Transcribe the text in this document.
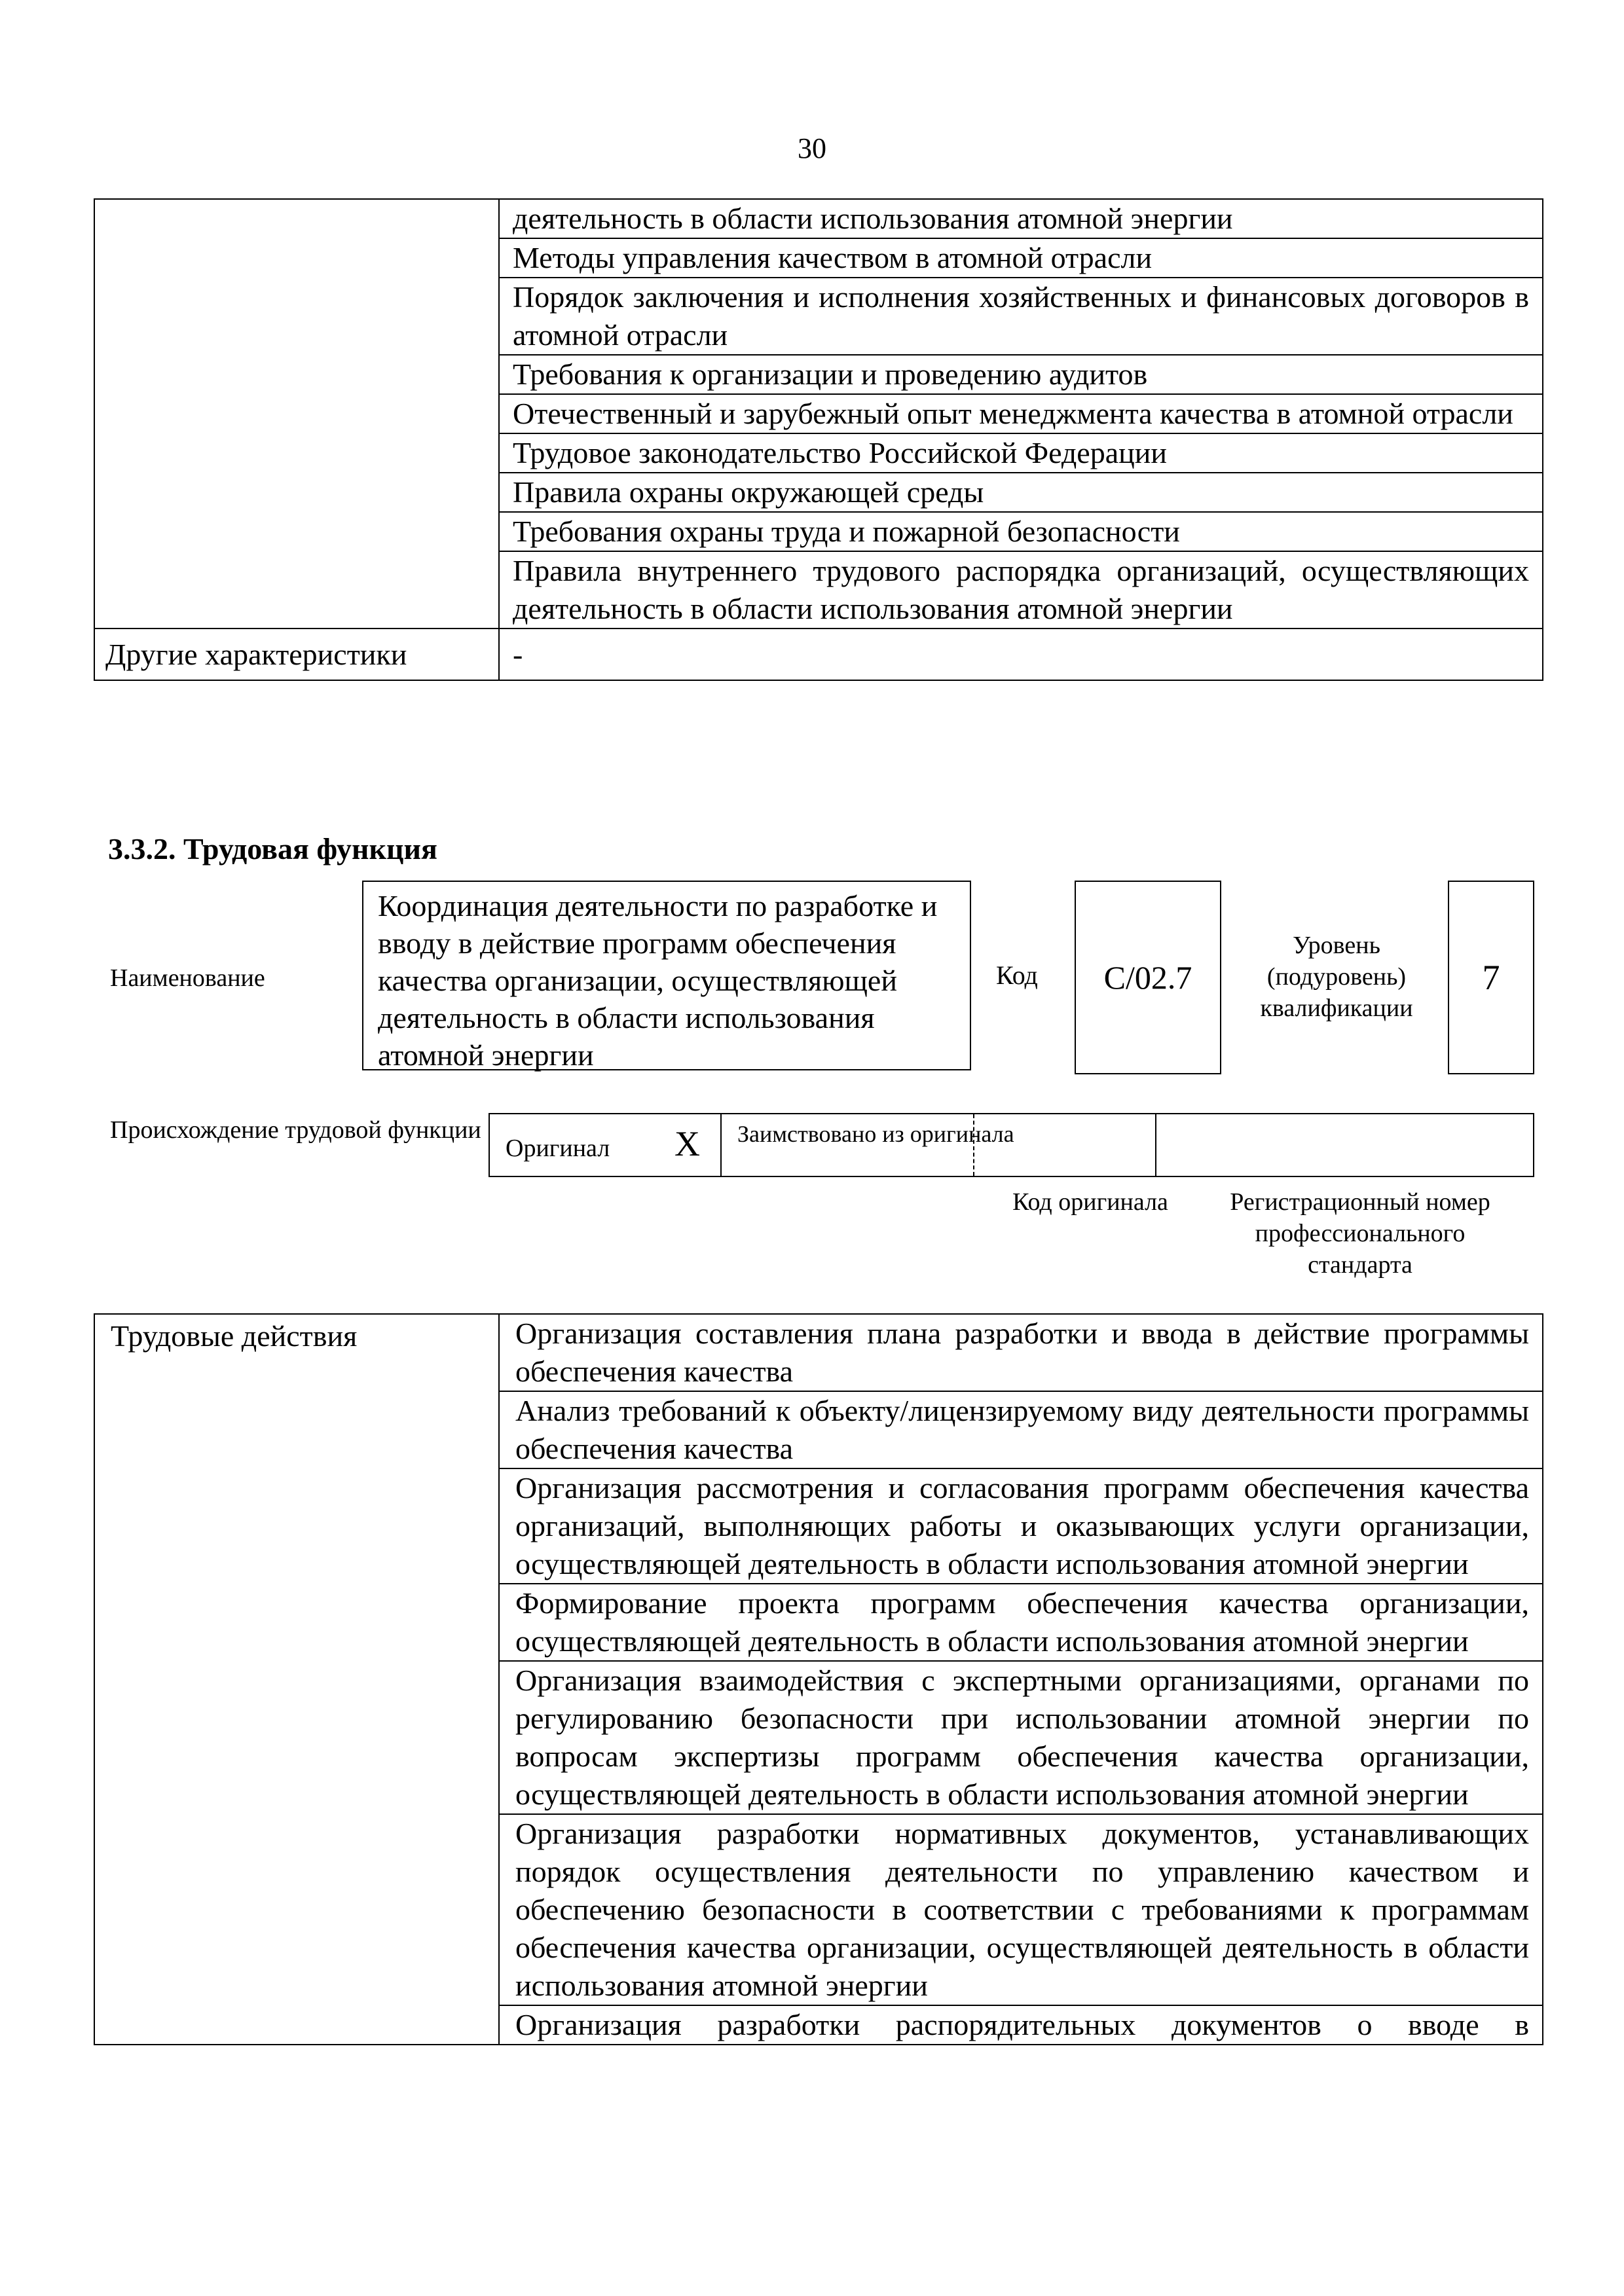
30
	деятельность в области использования атомной энергии
	Методы управления качеством в атомной отрасли
	Порядок заключения и исполнения хозяйственных и финансовых договоров в атомной отрасли
	Требования к организации и проведению аудитов
	Отечественный и зарубежный опыт менеджмента качества в атомной отрасли
	Трудовое законодательство Российской Федерации
	Правила охраны окружающей среды
	Требования охраны труда и пожарной безопасности
	Правила внутреннего трудового распорядка организаций, осуществляющих деятельность в области использования атомной энергии
Другие характеристики	-
3.3.2. Трудовая функция
Наименование
Координация деятельности по разработке и вводу в действие программ обеспечения качества организации, осуществляющей деятельность в области использования атомной энергии
Код	С/02.7
Уровень (подуровень) квалификации
7
Происхождение трудовой функции
Оригинал X Заимствовано из оригинала
Код оригинала	Регистрационный номер профессионального стандарта
Трудовые действия	Организация составления плана разработки и ввода в действие программы обеспечения качества
Анализ требований к объекту/лицензируемому виду деятельности программы обеспечения качества
Организация рассмотрения и согласования программ обеспечения качества организаций, выполняющих работы и оказывающих услуги организации, осуществляющей деятельность в области использования атомной энергии
Формирование проекта программ обеспечения качества организации, осуществляющей деятельность в области использования атомной энергии
Организация взаимодействия с экспертными организациями, органами по регулированию безопасности при использовании атомной энергии по вопросам экспертизы программ обеспечения качества организации, осуществляющей деятельность в области использования атомной энергии
Организация разработки нормативных документов, устанавливающих порядок осуществления деятельности по управлению качеством и обеспечению безопасности в соответствии с требованиями к программам обеспечения качества организации, осуществляющей деятельность в области использования атомной энергии
Организация разработки распорядительных документов о вводе в
